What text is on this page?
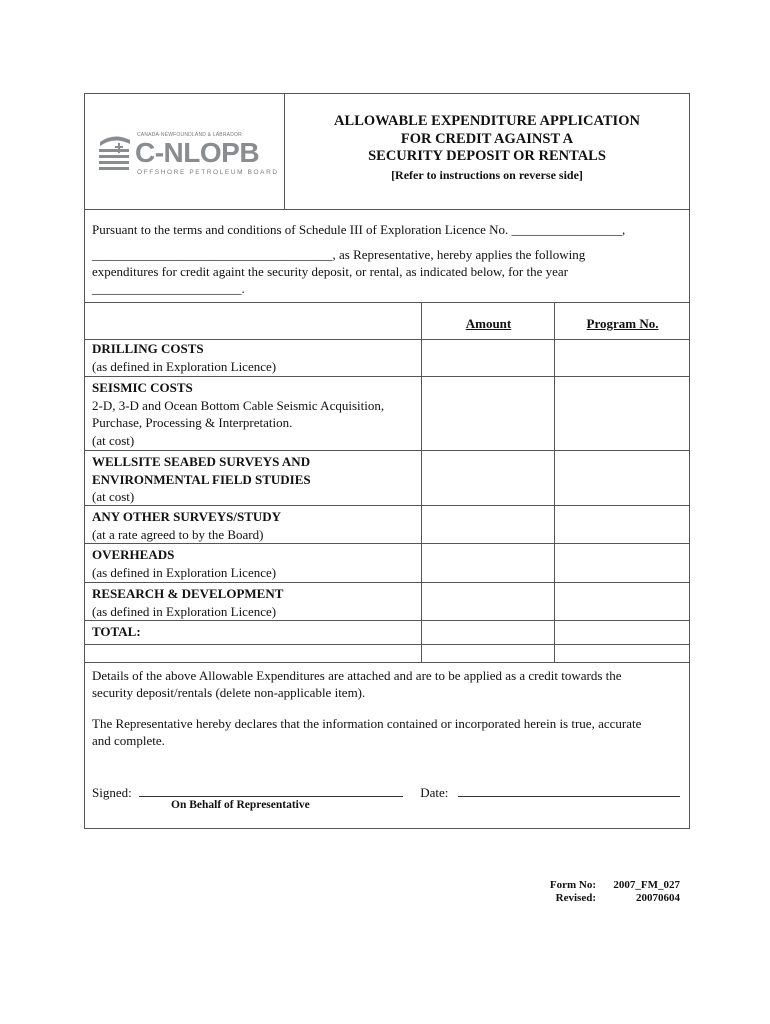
CANADA-NEWFOUNDLAND & LABRADOR
C-NLOPB
OFFSHORE PETROLEUM BOARD
ALLOWABLE EXPENDITURE APPLICATION
FOR CREDIT AGAINST A
SECURITY DEPOSIT OR RENTALS
[Refer to instructions on reverse side]
Pursuant to the terms and conditions of Schedule III of Exploration Licence No. _________________,
_____________________________________, as Representative, hereby applies the following
expenditures for credit againt the security deposit, or rental, as indicated below, for the year
_______________________.
Amount	Program No.
DRILLING COSTS
(as defined in Exploration Licence)
SEISMIC COSTS
2-D, 3-D and Ocean Bottom Cable Seismic Acquisition,
Purchase, Processing & Interpretation.
(at cost)
WELLSITE SEABED SURVEYS AND
ENVIRONMENTAL FIELD STUDIES
(at cost)
ANY OTHER SURVEYS/STUDY
(at a rate agreed to by the Board)
OVERHEADS
(as defined in Exploration Licence)
RESEARCH & DEVELOPMENT
(as defined in Exploration Licence)
TOTAL:
Details of the above Allowable Expenditures are attached and are to be applied as a credit towards the
security deposit/rentals (delete non-applicable item).
The Representative hereby declares that the information contained or incorporated herein is true, accurate
and complete.
Signed:	Date:
On Behalf of Representative
Form No:
Revised:
2007_FM_027
20070604
